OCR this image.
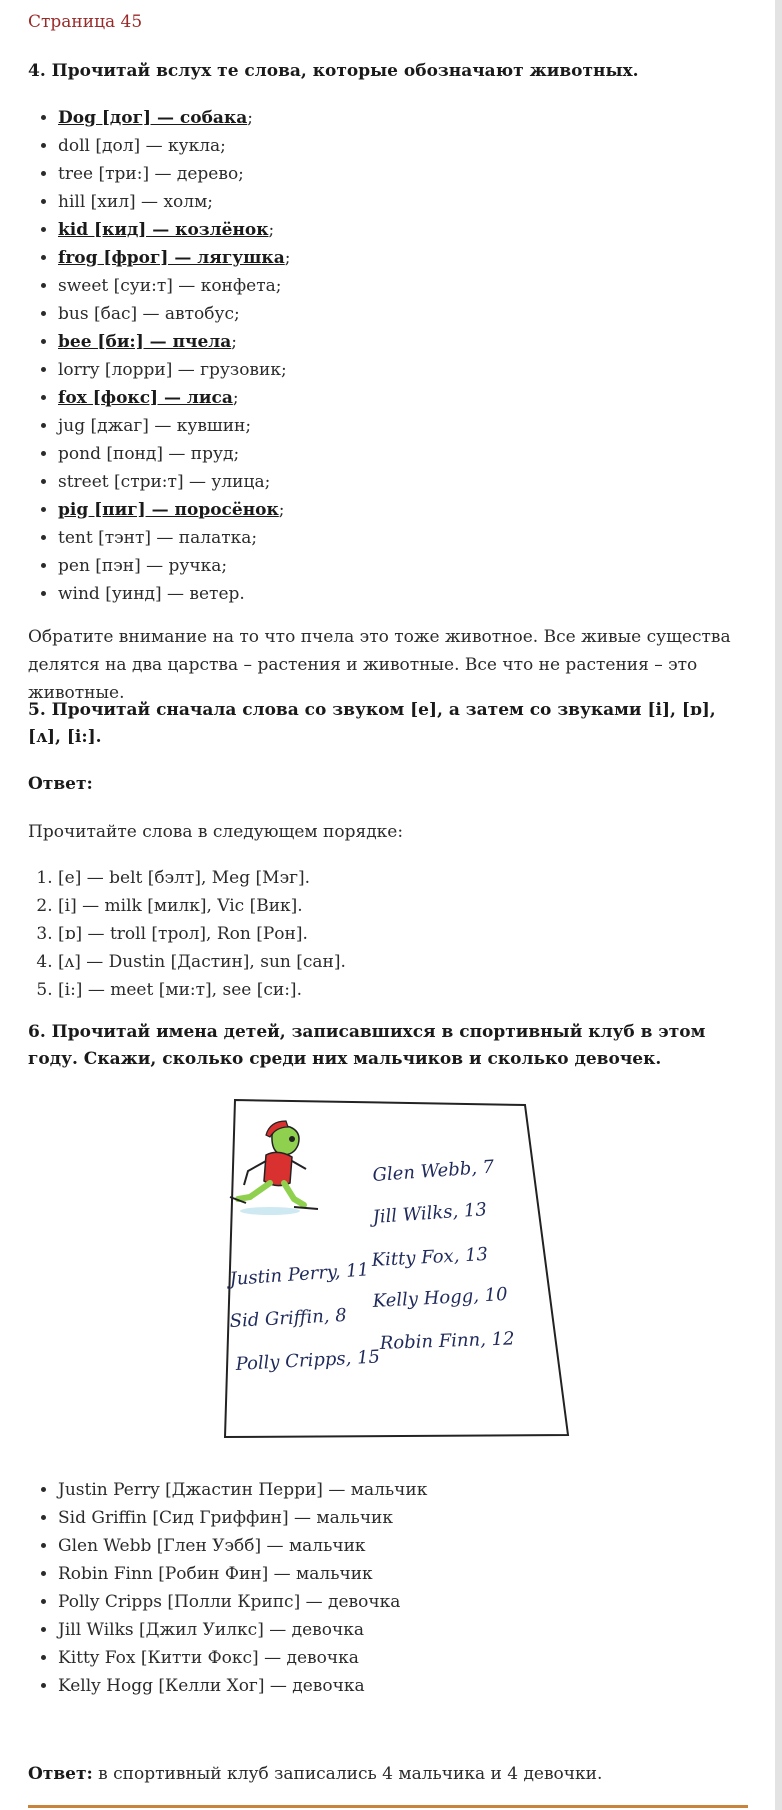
Страница 45
4. Прочитай вслух те слова, которые обозначают животных.
• Dog [дог] — собака;
• doll [дол] — кукла;
• tree [три:] — дерево;
• hill [хил] — холм;
• kid [кид] — козлёнок;
• frog [фрог] — лягушка;
• sweet [суи:т] — конфета;
• bus [бас] — автобус;
• bee [би:] — пчела;
• lorry [лорри] — грузовик;
• fox [фокс] — лиса;
• jug [джаг] — кувшин;
• pond [понд] — пруд;
• street [стри:т] — улица;
• pig [пиг] — поросёнок;
• tent [тэнт] — палатка;
• pen [пэн] — ручка;
• wind [уинд] — ветер.

Обратите внимание на то что пчела это тоже животное. Все живые существа делятся на два царства – растения и животные. Все что не растения – это животные.

5. Прочитай сначала слова со звуком [e], а затем со звуками [i], [ɒ], [ʌ], [i:].
Ответ:

Прочитайте слова в следующем порядке:

1. [e] — belt [бэлт], Meg [Мэг].
2. [i] — milk [милк], Vic [Вик].
3. [ɒ] — troll [трол], Ron [Рон].
4. [ʌ] — Dustin [Дастин], sun [сан].
5. [i:] — meet [ми:т], see [си:].
6. Прочитай имена детей, записавшихся в спортивный клуб в этом году. Скажи, сколько среди них мальчиков и сколько девочек.
• Justin Perry [Джастин Перри] — мальчик
• Sid Griffin [Сид Гриффин] — мальчик
• Glen Webb [Глен Уэбб] — мальчик
• Robin Finn [Робин Фин] — мальчик
• Polly Cripps [Полли Крипс] — девочка
• Jill Wilks [Джил Уилкс] — девочка
• Kitty Fox [Китти Фокс] — девочка
• Kelly Hogg [Келли Хог] — девочка

Ответ: в спортивный клуб записались 4 мальчика и 4 девочки.

Justin Perry, 11
Sid Griffin, 8
Polly Cripps, 15
Glen Webb, 7
Jill Wilks, 13
Kitty Fox, 13
Kelly Hogg, 10
Robin Finn, 12
